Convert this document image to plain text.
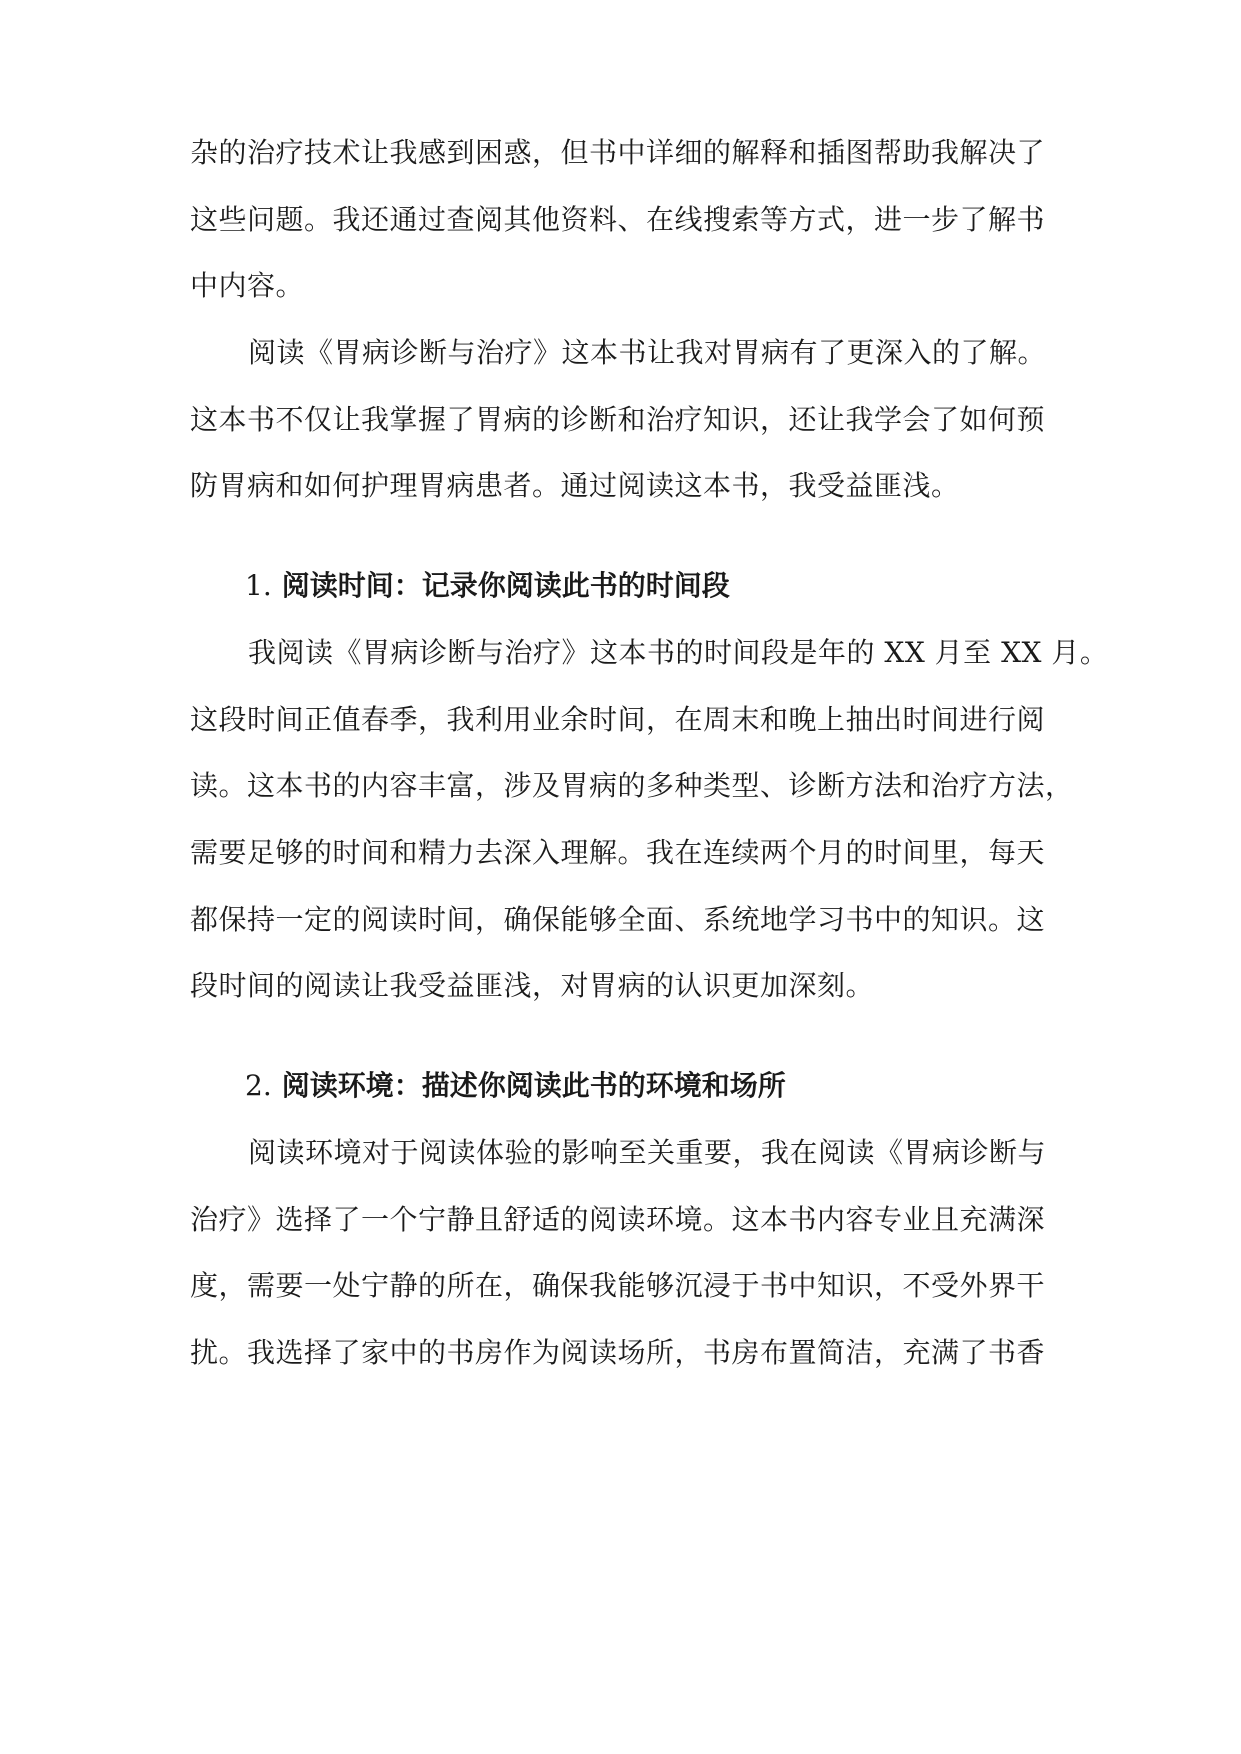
杂的治疗技术让我感到困惑，但书中详细的解释和插图帮助我解决了
这些问题。我还通过查阅其他资料、在线搜索等方式，进一步了解书
中内容。
阅读《胃病诊断与治疗》这本书让我对胃病有了更深入的了解。
这本书不仅让我掌握了胃病的诊断和治疗知识，还让我学会了如何预
防胃病和如何护理胃病患者。通过阅读这本书，我受益匪浅。
1. 阅读时间：记录你阅读此书的时间段
我阅读《胃病诊断与治疗》这本书的时间段是年的 XX 月至 XX 月。
这段时间正值春季，我利用业余时间，在周末和晚上抽出时间进行阅
读。这本书的内容丰富，涉及胃病的多种类型、诊断方法和治疗方法，
需要足够的时间和精力去深入理解。我在连续两个月的时间里，每天
都保持一定的阅读时间，确保能够全面、系统地学习书中的知识。这
段时间的阅读让我受益匪浅，对胃病的认识更加深刻。
2. 阅读环境：描述你阅读此书的环境和场所
阅读环境对于阅读体验的影响至关重要，我在阅读《胃病诊断与
治疗》选择了一个宁静且舒适的阅读环境。这本书内容专业且充满深
度，需要一处宁静的所在，确保我能够沉浸于书中知识，不受外界干
扰。我选择了家中的书房作为阅读场所，书房布置简洁，充满了书香
